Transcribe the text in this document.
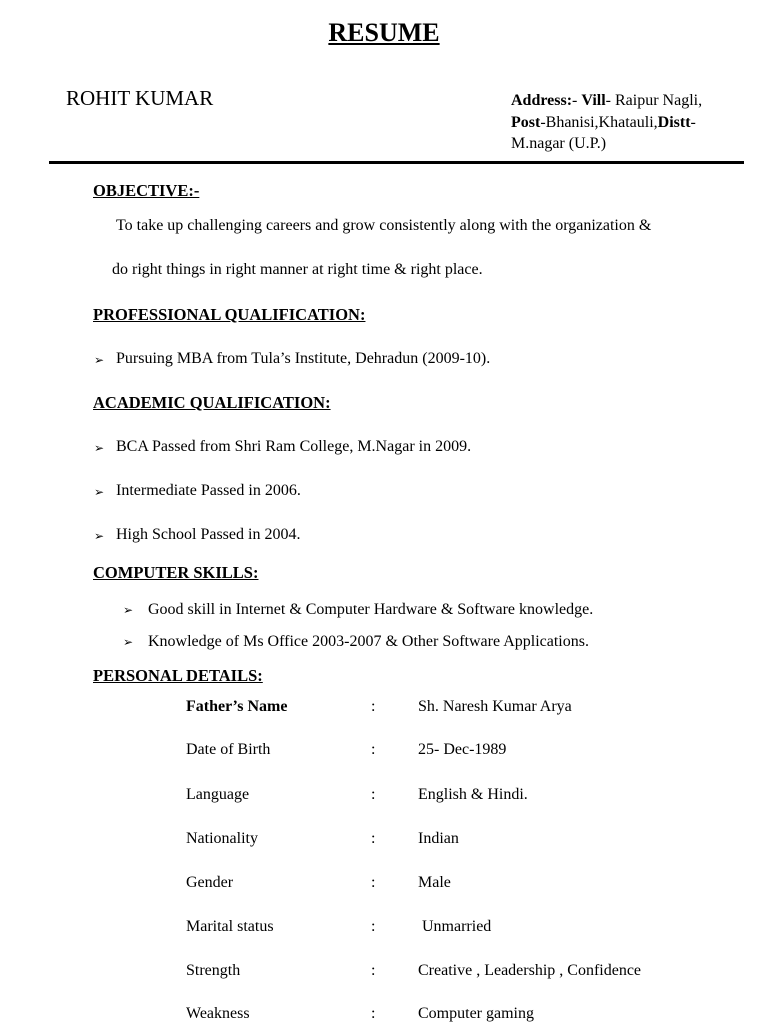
RESUME
ROHIT KUMAR	Address:- Vill- Raipur Nagli,
Post-Bhanisi,Khatauli,Distt-
M.nagar (U.P.)
OBJECTIVE:-
To take up challenging careers and grow consistently along with the organization &
do right things in right manner at right time & right place.
PROFESSIONAL QUALIFICATION:
➢ Pursuing MBA from Tula’s Institute, Dehradun (2009-10).
ACADEMIC QUALIFICATION:
➢ BCA Passed from Shri Ram College, M.Nagar in 2009.
➢ Intermediate Passed in 2006.
➢ High School Passed in 2004.
COMPUTER SKILLS:
➢ Good skill in Internet & Computer Hardware & Software knowledge.
➢ Knowledge of Ms Office 2003-2007 & Other Software Applications.
PERSONAL DETAILS:
Father’s Name	:	Sh. Naresh Kumar Arya
Date of Birth	:	25- Dec-1989
Language	:	English & Hindi.
Nationality	:	Indian
Gender	:	Male
Marital status	:	Unmarried
Strength	:	Creative , Leadership , Confidence
Weakness	:	Computer gaming
